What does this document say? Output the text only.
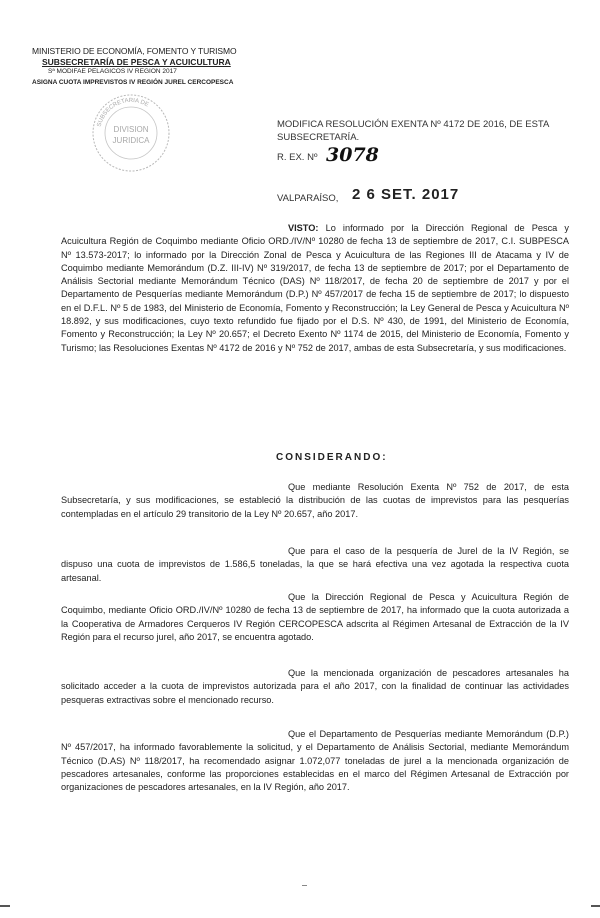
MINISTERIO DE ECONOMÍA, FOMENTO Y TURISMO
SUBSECRETARÍA DE PESCA Y ACUICULTURA
Sª MODIFAE PELAGICOS IV REGION 2017
ASIGNA CUOTA IMPREVISTOS IV REGIÓN JUREL CERCOPESCA
SUBSECRETARIA DE
DIVISION
JURIDICA
MODIFICA RESOLUCIÓN EXENTA Nº 4172 DE 2016, DE ESTA SUBSECRETARÍA.
R. EX. Nº 3078
VALPARAÍSO, 2 6 SET. 2017
VISTO: Lo informado por la Dirección Regional de Pesca y Acuicultura Región de Coquimbo mediante Oficio ORD./IV/Nº 10280 de fecha 13 de septiembre de 2017, C.I. SUBPESCA Nº 13.573-2017; lo informado por la Dirección Zonal de Pesca y Acuicultura de las Regiones III de Atacama y IV de Coquimbo mediante Memorándum (D.Z. III-IV) Nº 319/2017, de fecha 13 de septiembre de 2017; por el Departamento de Análisis Sectorial mediante Memorándum Técnico (DAS) Nº 118/2017, de fecha 20 de septiembre de 2017 y por el Departamento de Pesquerías mediante Memorándum (D.P.) Nº 457/2017 de fecha 15 de septiembre de 2017; lo dispuesto en el D.F.L. Nº 5 de 1983, del Ministerio de Economía, Fomento y Reconstrucción; la Ley General de Pesca y Acuicultura Nº 18.892, y sus modificaciones, cuyo texto refundido fue fijado por el D.S. Nº 430, de 1991, del Ministerio de Economía, Fomento y Reconstrucción; la Ley Nº 20.657; el Decreto Exento Nº 1174 de 2015, del Ministerio de Economía, Fomento y Turismo; las Resoluciones Exentas Nº 4172 de 2016 y Nº 752 de 2017, ambas de esta Subsecretaría, y sus modificaciones.
CONSIDERANDO:
Que mediante Resolución Exenta Nº 752 de 2017, de esta Subsecretaría, y sus modificaciones, se estableció la distribución de las cuotas de imprevistos para las pesquerías contempladas en el artículo 29 transitorio de la Ley Nº 20.657, año 2017.
Que para el caso de la pesquería de Jurel de la IV Región, se dispuso una cuota de imprevistos de 1.586,5 toneladas, la que se hará efectiva una vez agotada la respectiva cuota artesanal.
Que la Dirección Regional de Pesca y Acuicultura Región de Coquimbo, mediante Oficio ORD./IV/Nº 10280 de fecha 13 de septiembre de 2017, ha informado que la cuota autorizada a la Cooperativa de Armadores Cerqueros IV Región CERCOPESCA adscrita al Régimen Artesanal de Extracción de la IV Región para el recurso jurel, año 2017, se encuentra agotado.
Que la mencionada organización de pescadores artesanales ha solicitado acceder a la cuota de imprevistos autorizada para el año 2017, con la finalidad de continuar las actividades pesqueras extractivas sobre el mencionado recurso.
Que el Departamento de Pesquerías mediante Memorándum (D.P.) Nº 457/2017, ha informado favorablemente la solicitud, y el Departamento de Análisis Sectorial, mediante Memorándum Técnico (D.AS) Nº 118/2017, ha recomendado asignar 1.072,077 toneladas de jurel a la mencionada organización de pescadores artesanales, conforme las proporciones establecidas en el marco del Régimen Artesanal de Extracción por organizaciones de pescadores artesanales, en la IV Región, año 2017.
